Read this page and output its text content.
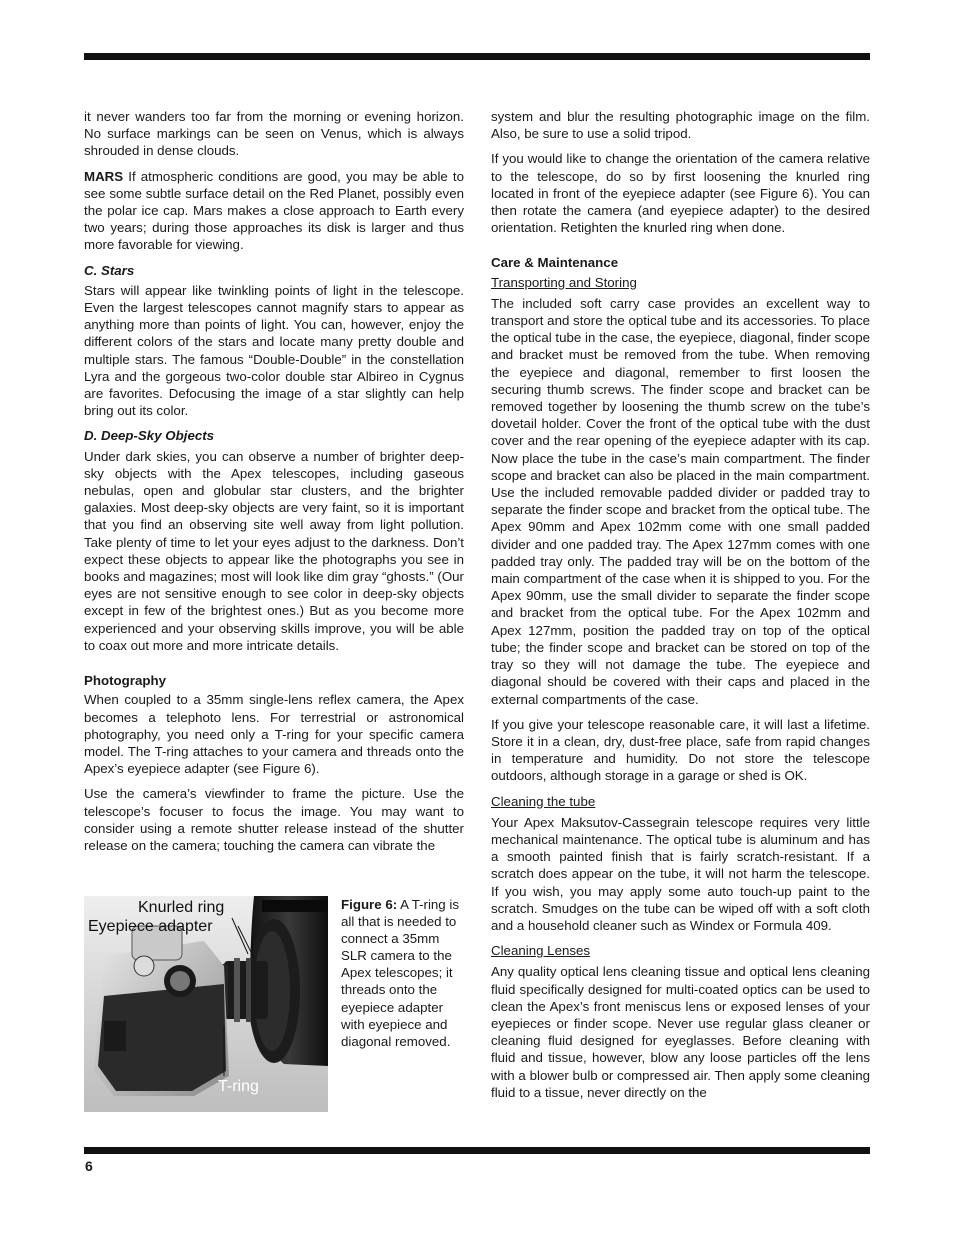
it never wanders too far from the morning or evening horizon. No surface markings can be seen on Venus, which is always shrouded in dense clouds.

MARS If atmospheric conditions are good, you may be able to see some subtle surface detail on the Red Planet, possibly even the polar ice cap. Mars makes a close approach to Earth every two years; during those approaches its disk is larger and thus more favorable for viewing.

C. Stars

Stars will appear like twinkling points of light in the telescope. Even the largest telescopes cannot magnify stars to appear as anything more than points of light. You can, however, enjoy the different colors of the stars and locate many pretty double and multiple stars. The famous “Double-Double” in the constellation Lyra and the gorgeous two-color double star Albireo in Cygnus are favorites. Defocusing the image of a star slightly can help bring out its color.

D. Deep-Sky Objects

Under dark skies, you can observe a number of brighter deep-sky objects with the Apex telescopes, including gaseous nebulas, open and globular star clusters, and the brighter galaxies. Most deep-sky objects are very faint, so it is important that you find an observing site well away from light pollution. Take plenty of time to let your eyes adjust to the darkness. Don’t expect these objects to appear like the photographs you see in books and magazines; most will look like dim gray “ghosts.” (Our eyes are not sensitive enough to see color in deep-sky objects except in few of the brightest ones.) But as you become more experienced and your observing skills improve, you will be able to coax out more and more intricate details.

Photography

When coupled to a 35mm single-lens reflex camera, the Apex becomes a telephoto lens. For terrestrial or astronomical photography, you need only a T-ring for your specific camera model. The T-ring attaches to your camera and threads onto the Apex’s eyepiece adapter (see Figure 6).

Use the camera’s viewfinder to frame the picture. Use the telescope’s focuser to focus the image. You may want to consider using a remote shutter release instead of the shutter release on the camera; touching the camera can vibrate the

Knurled ring
Eyepiece adapter
T-ring
Figure 6: A T-ring is all that is needed to connect a 35mm SLR camera to the Apex telescopes; it threads onto the eyepiece adapter with eyepiece and diagonal removed.

system and blur the resulting photographic image on the film. Also, be sure to use a solid tripod.

If you would like to change the orientation of the camera relative to the telescope, do so by first loosening the knurled ring located in front of the eyepiece adapter (see Figure 6). You can then rotate the camera (and eyepiece adapter) to the desired orientation. Retighten the knurled ring when done.

Care & Maintenance
Transporting and Storing

The included soft carry case provides an excellent way to transport and store the optical tube and its accessories. To place the optical tube in the case, the eyepiece, diagonal, finder scope and bracket must be removed from the tube. When removing the eyepiece and diagonal, remember to first loosen the securing thumb screws. The finder scope and bracket can be removed together by loosening the thumb screw on the tube’s dovetail holder. Cover the front of the optical tube with the dust cover and the rear opening of the eyepiece adapter with its cap. Now place the tube in the case’s main compartment. The finder scope and bracket can also be placed in the main compartment. Use the included removable padded divider or padded tray to separate the finder scope and bracket from the optical tube. The Apex 90mm and Apex 102mm come with one small padded divider and one padded tray. The Apex 127mm comes with one padded tray only. The padded tray will be on the bottom of the main compartment of the case when it is shipped to you. For the Apex 90mm, use the small divider to separate the finder scope and bracket from the optical tube. For the Apex 102mm and Apex 127mm, position the padded tray on top of the optical tube; the finder scope and bracket can be stored on top of the tray so they will not damage the tube. The eyepiece and diagonal should be covered with their caps and placed in the external compartments of the case.

If you give your telescope reasonable care, it will last a lifetime. Store it in a clean, dry, dust-free place, safe from rapid changes in temperature and humidity. Do not store the telescope outdoors, although storage in a garage or shed is OK.

Cleaning the tube

Your Apex Maksutov-Cassegrain telescope requires very little mechanical maintenance. The optical tube is aluminum and has a smooth painted finish that is fairly scratch-resistant. If a scratch does appear on the tube, it will not harm the telescope. If you wish, you may apply some auto touch-up paint to the scratch. Smudges on the tube can be wiped off with a soft cloth and a household cleaner such as Windex or Formula 409.

Cleaning Lenses

Any quality optical lens cleaning tissue and optical lens cleaning fluid specifically designed for multi-coated optics can be used to clean the Apex’s front meniscus lens or exposed lenses of your eyepieces or finder scope. Never use regular glass cleaner or cleaning fluid designed for eyeglasses. Before cleaning with fluid and tissue, however, blow any loose particles off the lens with a blower bulb or compressed air. Then apply some cleaning fluid to a tissue, never directly on the

6
